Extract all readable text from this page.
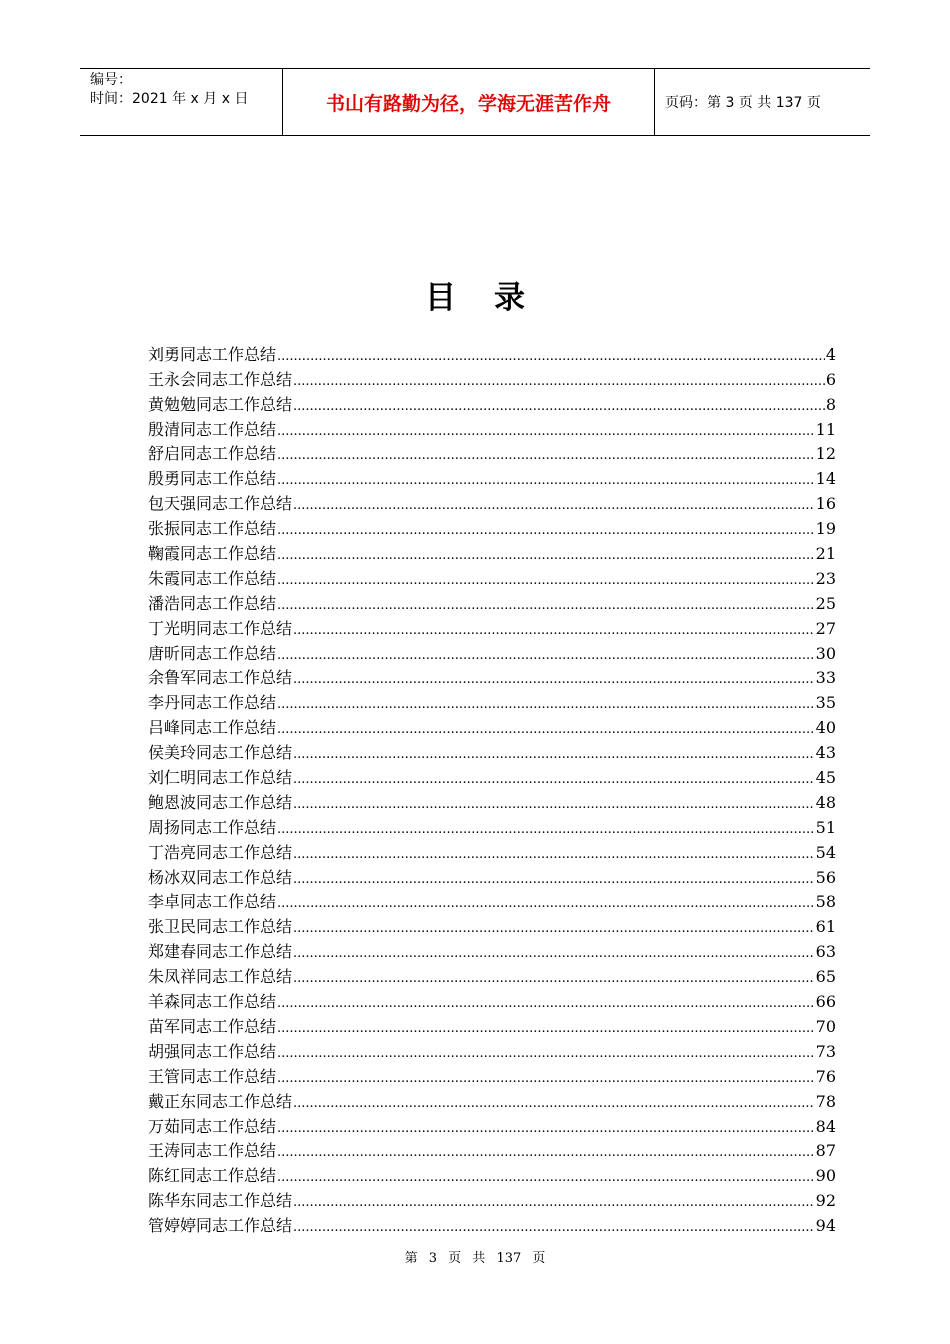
编号：
时间：2021 年 x 月 x 日	书山有路勤为径，学海无涯苦作舟	页码：第 3 页 共 137 页
目录
刘勇同志工作总结 .....	4
王永会同志工作总结 .....	6
黄勉勉同志工作总结 .....	8
殷清同志工作总结 .....	11
舒启同志工作总结 .....	12
殷勇同志工作总结 .....	14
包天强同志工作总结 .....	16
张振同志工作总结 .....	19
鞠霞同志工作总结 .....	21
朱霞同志工作总结 .....	23
潘浩同志工作总结 .....	25
丁光明同志工作总结 .....	27
唐昕同志工作总结 .....	30
余鲁军同志工作总结 .....	33
李丹同志工作总结 .....	35
吕峰同志工作总结 .....	40
侯美玲同志工作总结 .....	43
刘仁明同志工作总结 .....	45
鲍恩波同志工作总结 .....	48
周扬同志工作总结 .....	51
丁浩亮同志工作总结 .....	54
杨冰双同志工作总结 .....	56
李卓同志工作总结 .....	58
张卫民同志工作总结 .....	61
郑建春同志工作总结 .....	63
朱凤祥同志工作总结 .....	65
羊森同志工作总结 .....	66
苗军同志工作总结 .....	70
胡强同志工作总结 .....	73
王管同志工作总结 .....	76
戴正东同志工作总结 .....	78
万茹同志工作总结 .....	84
王涛同志工作总结 .....	87
陈红同志工作总结 .....	90
陈华东同志工作总结 .....	92
管婷婷同志工作总结 .....	94
第 3 页 共 137 页
